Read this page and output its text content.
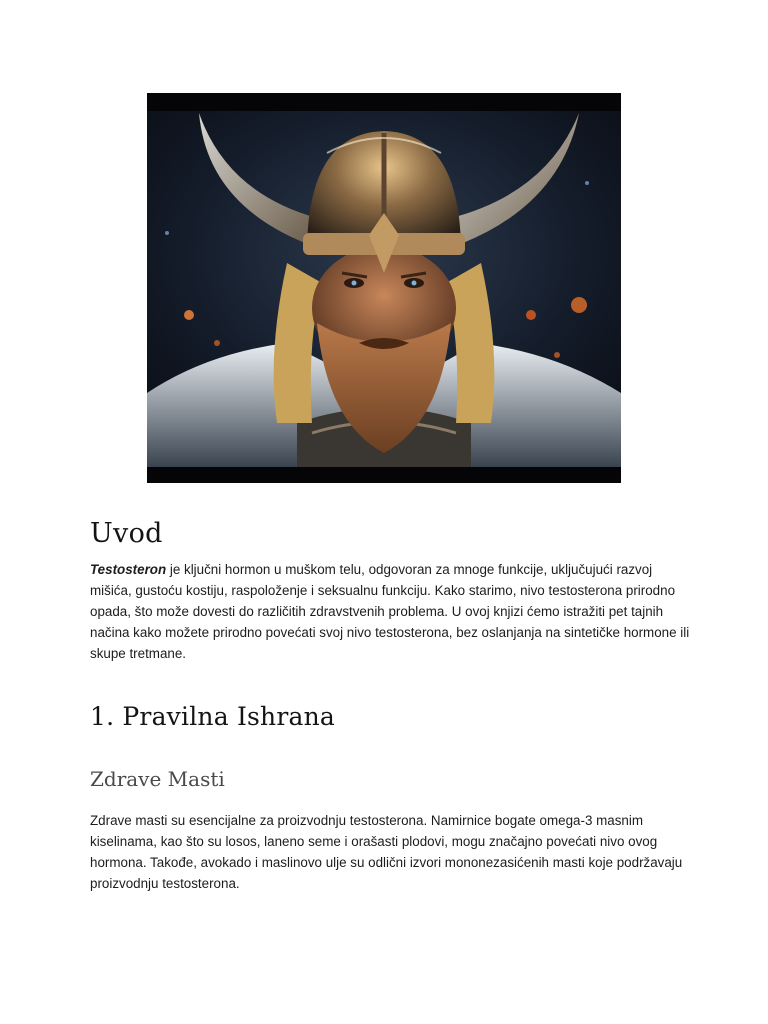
Uvod

Testosteron je ključni hormon u muškom telu, odgovoran za mnoge funkcije, uključujući razvoj mišića, gustoću kostiju, raspoloženje i seksualnu funkciju. Kako starimo, nivo testosterona prirodno opada, što može dovesti do različitih zdravstvenih problema. U ovoj knjizi ćemo istražiti pet tajnih načina kako možete prirodno povećati svoj nivo testosterona, bez oslanjanja na sintetičke hormone ili skupe tretmane.

1. Pravilna Ishrana
Zdrave Masti

Zdrave masti su esencijalne za proizvodnju testosterona. Namirnice bogate omega-3 masnim kiselinama, kao što su losos, laneno seme i orašasti plodovi, mogu značajno povećati nivo ovog hormona. Takođe, avokado i maslinovo ulje su odlični izvori mononezasićenih masti koje podržavaju proizvodnju testosterona.
